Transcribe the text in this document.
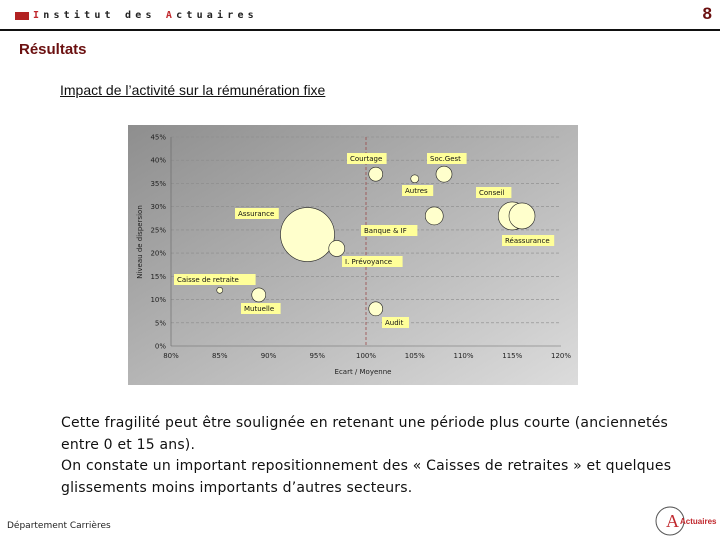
Institut des Actuaires	8
Résultats
Impact de l’activité sur la rémunération fixe
0%
5%
10%
15%
20%
25%
30%
35%
40%
45%
80%	85%	90%	95%	100%	105%	110%	115%	120%
Caisse de retraite
Mutuelle
Assurance
I. Prévoyance
Courtage
Audit
Autres
Soc.Gest
Banque & IF
Conseil
Réassurance
Ecart / Moyenne
Niveau de dispersion
Cette fragilité peut être soulignée en retenant une période plus courte (anciennetés entre 0 et 15 ans).
On constate un important repositionnement des « Caisses de retraites » et quelques glissements moins importants d’autres secteurs.
Département Carrières	A Actuaires
